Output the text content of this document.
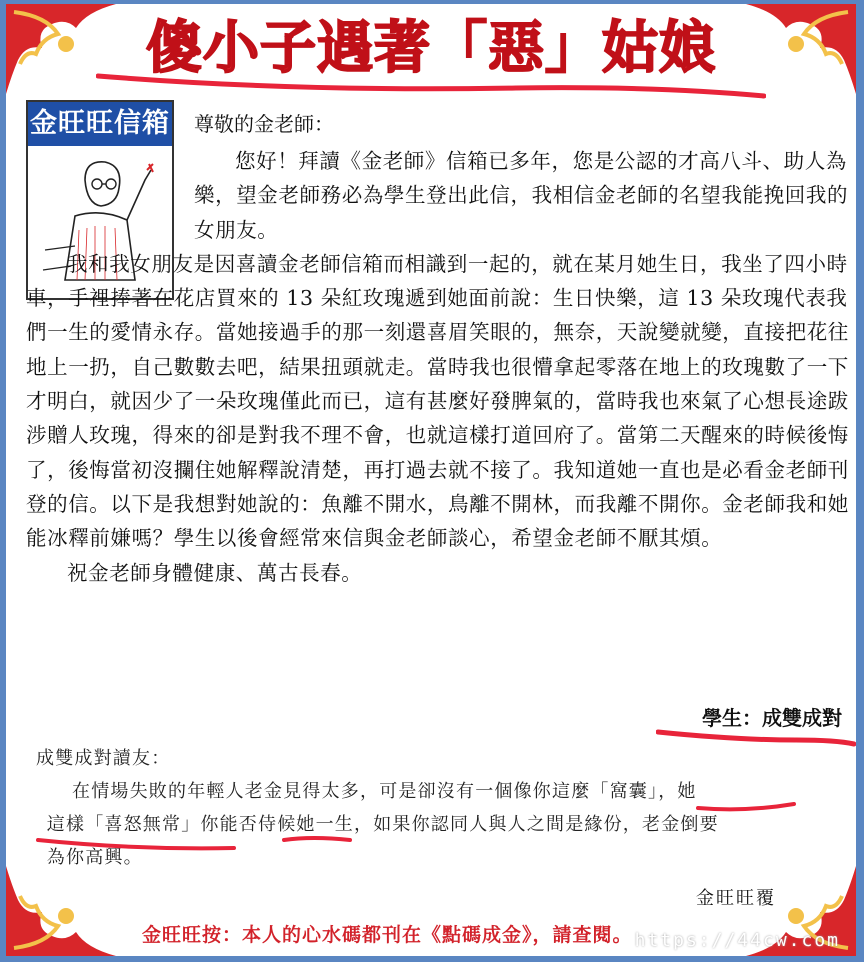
傻小子遇著「惡」姑娘
金旺旺信箱 尊敬的金老師：

您好！拜讀《金老師》信箱已多年，您是公認的才高八斗、助人為樂，望金老師務必為學生登出此信，我相信金老師的名望我能挽回我的女朋友。

我和我女朋友是因喜讀金老師信箱而相識到一起的，就在某月她生日，我坐了四小時車，手裡捧著在花店買來的 13 朵紅玫瑰遞到她面前說：生日快樂，這 13 朵玫瑰代表我們一生的愛情永存。當她接過手的那一刻還喜眉笑眼的，無奈，天說變就變，直接把花往地上一扔，自己數數去吧，結果扭頭就走。當時我也很懵拿起零落在地上的玫瑰數了一下才明白，就因少了一朵玫瑰僅此而已，這有甚麼好發脾氣的，當時我也來氣了心想長途跋涉贈人玫瑰，得來的卻是對我不理不會，也就這樣打道回府了。當第二天醒來的時候後悔了，後悔當初沒攔住她解釋說清楚，再打過去就不接了。我知道她一直也是必看金老師刊登的信。以下是我想對她說的：魚離不開水，鳥離不開林，而我離不開你。金老師我和她能冰釋前嫌嗎？學生以後會經常來信與金老師談心，希望金老師不厭其煩。

祝金老師身體健康、萬古長春。

學生：成雙成對
成雙成對讀友：
在情場失敗的年輕人老金見得太多，可是卻沒有一個像你這麼「窩囊」，她
這樣「喜怒無常」你能否侍候她一生，如果你認同人與人之間是緣份，老金倒要
為你高興。
金旺旺覆
金旺旺按：本人的心水碼都刊在《點碼成金》，請查閱。 https://44cw.com
